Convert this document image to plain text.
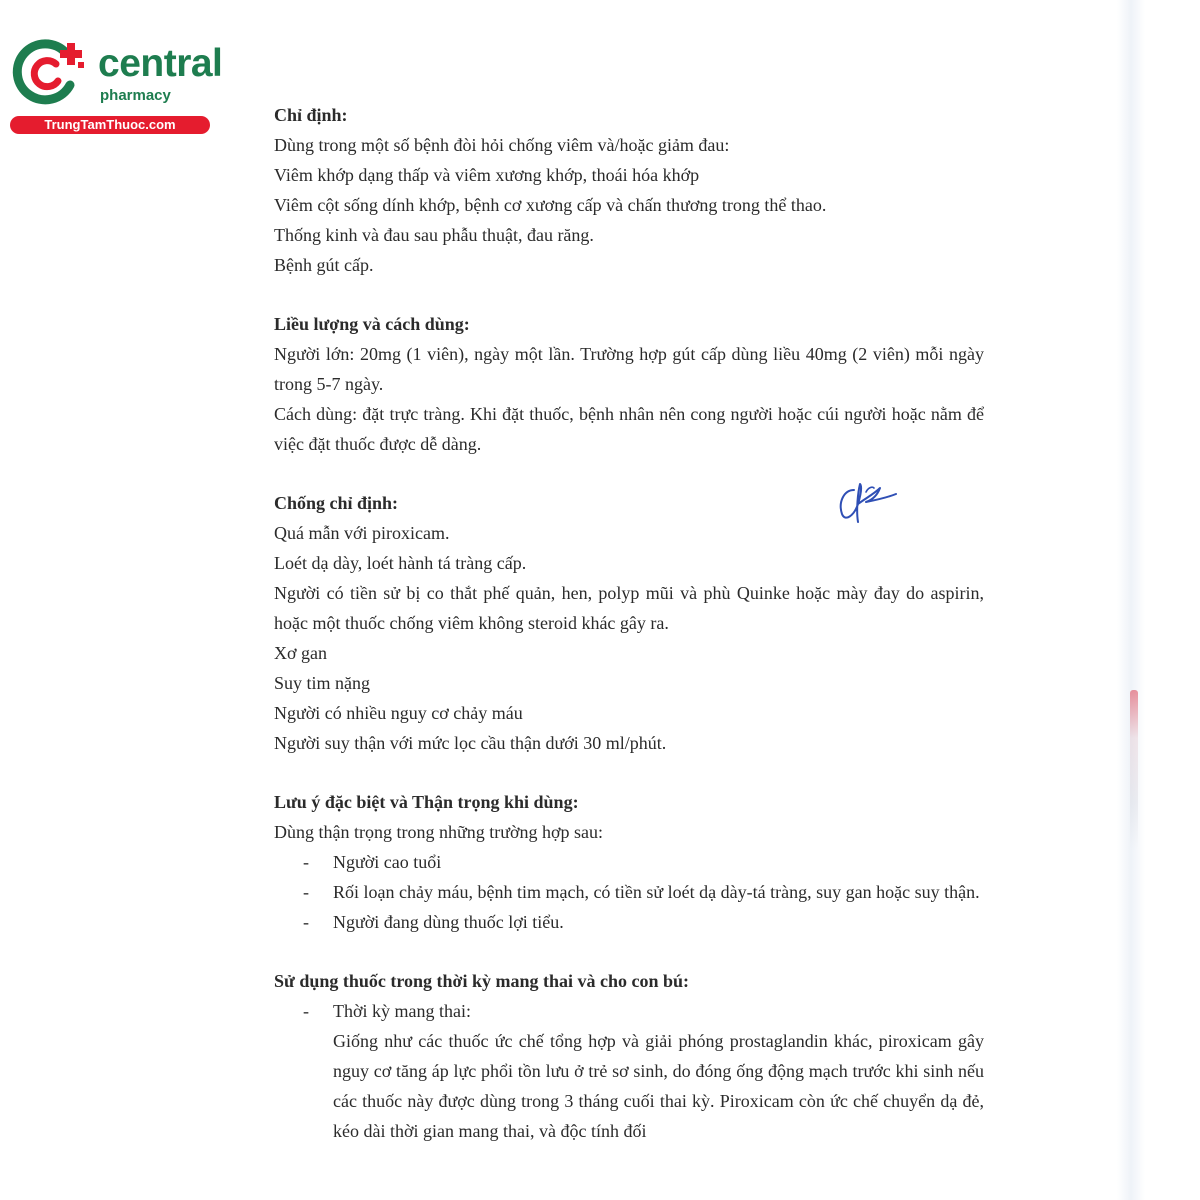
central
pharmacy
TrungTamThuoc.com	Chỉ định:

Dùng trong một số bệnh đòi hỏi chống viêm và/hoặc giảm đau:

Viêm khớp dạng thấp và viêm xương khớp, thoái hóa khớp

Viêm cột sống dính khớp, bệnh cơ xương cấp và chấn thương trong thể thao.

Thống kinh và đau sau phẫu thuật, đau răng.

Bệnh gút cấp.

Liều lượng và cách dùng:

Người lớn: 20mg (1 viên), ngày một lần. Trường hợp gút cấp dùng liều 40mg (2 viên) mỗi ngày trong 5-7 ngày.

Cách dùng: đặt trực tràng. Khi đặt thuốc, bệnh nhân nên cong người hoặc cúi người hoặc nằm để việc đặt thuốc được dễ dàng.

Chống chỉ định:

Quá mẫn với piroxicam.

Loét dạ dày, loét hành tá tràng cấp.

Người có tiền sử bị co thắt phế quản, hen, polyp mũi và phù Quinke hoặc mày đay do aspirin, hoặc một thuốc chống viêm không steroid khác gây ra.

Xơ gan

Suy tim nặng

Người có nhiều nguy cơ chảy máu

Người suy thận với mức lọc cầu thận dưới 30 ml/phút.

Lưu ý đặc biệt và Thận trọng khi dùng:

Dùng thận trọng trong những trường hợp sau:

- Người cao tuổi
- Rối loạn chảy máu, bệnh tim mạch, có tiền sử loét dạ dày-tá tràng, suy gan hoặc suy thận.
- Người đang dùng thuốc lợi tiểu.

Sử dụng thuốc trong thời kỳ mang thai và cho con bú:

- Thời kỳ mang thai:
Giống như các thuốc ức chế tổng hợp và giải phóng prostaglandin khác, piroxicam gây nguy cơ tăng áp lực phổi tồn lưu ở trẻ sơ sinh, do đóng ống động mạch trước khi sinh nếu các thuốc này được dùng trong 3 tháng cuối thai kỳ. Piroxicam còn ức chế chuyển dạ đẻ, kéo dài thời gian mang thai, và độc tính đối
